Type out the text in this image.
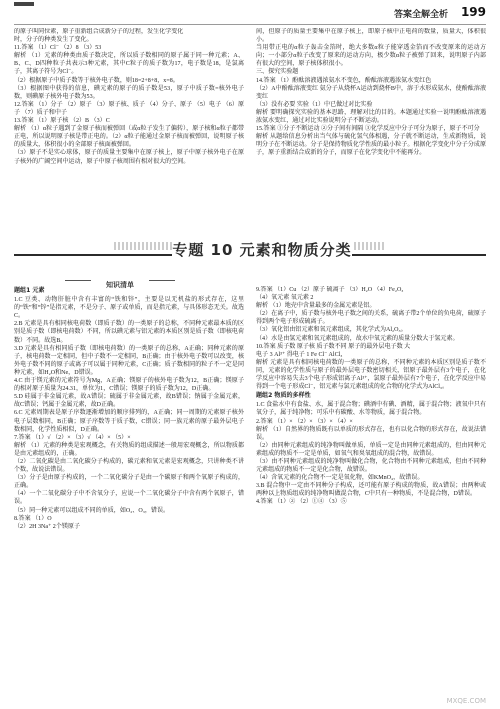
答案全解全析 199
的原子叫同位素，原子重新组合成新分子的过程，发生化学变化
时，分子的种类发生了变化。
11.答案 （1）Cl⁻ （2）8 （3）53
解析 （1）元素的种类由质子数决定，所以质子数相同的原子属于同一种元素；A、B、C、D四种粒子共表示3种元素，其中C粒子的质子数为17，电子数是18，是氯离子，其离子符号为Cl⁻。
（2）根据原子中质子数等于核外电子数，则18=2+8+8，x=8。
（3）根据图中获得的信息，碘元素的原子的质子数是53，原子中质子数=核外电子数，则碘原子核外电子数为53。
12.答案 （1）分子 （2）原子 （3）原子核、质子 （4）分子、原子 （5）电子 （6）原子 （7）质子和中子
13.答案 （1）原子核 （2）B （3）C
解析 （1）α粒子遇到了金原子核而被弹回（或α粒子发生了偏转），原子核和α粒子都带正电，所以说明原子核是带正电的。（2）α粒子能通过金原子核而被弹回，说明原子核的质量大，体积很小的全部原子核面被弹回。
（3）原子不是实心球体，原子的质量主要集中在原子核上，原子中原子核外电子在原子核外的广阔空间中运动，原子中原子核周围有相对很大的空间。
间，但原子的质量主要集中在原子核上，即原子核中正电荷的数量，质量大，体积很小。
当用带正电的α粒子轰击金箔时，绝大多数α粒子能穿透金箔而不改变原来的运动方向；一小部分α粒子改变了原来的运动方向，极少数α粒子被弹了回来，说明原子内部有很大的空间，原子核体积很小。
三、探究实验题
14.答案 （1）酚酞溶液遇浓氨水不变色，酚酞溶液遇浓氨水变红色
（2）A中酚酞溶液变红 氨分子从烧杯A运动到烧杯B中，溶于水形成氨水，使酚酞溶液变红
（3）没有必要 实验（1）中已做过对比实验
解析 要明确探究实验的基本思路，理解对比的目的。本题通过实验一说明酚酞溶液遇浓氨水变红，通过对比实验说明分子不断运动。
15.答案 ①分子不断运动 ②分子间有间隔 ③化学反应中分子可分为原子，原子不可分
解析 从题给信息分析出当气体与硫化氢气体相遇，分子就不断运动，生成新物质，说明分子在不断运动。分子是保持物质化学性质的最小粒子。根据化学变化中分子分成原子，原子重新结合成新的分子，而原子在化学变化中不能再分。
专题 10 元素和物质分类
知识清单
题组1 元素
1.C 豆类、动物肝脏中含有丰富的“铁和锌”，主要是以无机盐的形式存在，这里的“铁”和“锌”是指元素，不是分子、原子或单质，而是指元素，与具体形态无关。故选C。
2.B 元素是具有相同核电荷数（即质子数）的一类原子的总称，不同种元素最本质的区别是质子数（即核电荷数）不同，所以碘元素与铝元素的本质区别是质子数（即核电荷数）不同。故选B。
3.D 元素是具有相同质子数（即核电荷数）的一类原子的总称，A正确；同种元素的原子，核电荷数一定相同，但中子数不一定相同，B正确；由于核外电子数可以改变，核外电子数不同的原子或离子可以属于同种元素，C正确；质子数相同的粒子不一定是同种元素，如H₂O和Ne，D错误。
4.C 由于镁元素的元素符号为Mg，A正确；镁原子的核外电子数为12，B正确；镁原子的相对原子质量为24.31，单位为1，C错误；镁原子的质子数为12，D正确。
5.D 硅属于非金属元素，故A错误；硫属于非金属元素，故B错误；钠属于金属元素，故C错误；钙属于金属元素，故D正确。
6.C 元素周期表是原子序数逐渐增加的顺序排列的，A正确；同一周期的元素原子核外电子层数相同，B正确；原子序数等于质子数，C错误；同一族元素的原子最外层电子数相同，化学性质相似，D正确。
7.答案 （1）√ （2）× （3）√ （4）× （5）×
解析 （1）元素的种类是宏观概念，有关物质的组成描述一般用宏观概念，所以物质都是由元素组成的，正确。
（2）二氧化碳是由二氧化碳分子构成的，碳元素和氧元素是宏观概念，只讲种类不讲个数，故说法错误。
（3）分子是由原子构成的，一个二氧化碳分子是由一个碳原子和两个氧原子构成的，正确。
（4）一个二氧化碳分子中不含氧分子，应说一个二氧化碳分子中含有两个氧原子，错误。
（5）同一种元素可以组成不同的单质，如O₂、O₃，错误。
8.答案 （1）O
（2）2H 3Na⁺ 2个镁原子
9.答案 （1）Cu （2）原子 硫离子 （3）H₂O （4）Fe₂O₃
（4）氧元素 氧元素 2
解析 （1）地壳中含量最多的金属元素是铝。
（2）在离子中，质子数与核外电子数之间的关系，硫离子带2个单位的负电荷，硫原子得到两个电子形成硫离子。
（3）氧化铝由铝元素和氧元素组成，其化学式为Al₂O₃。
（4）水是由氢元素和氧元素组成的，故水中氧元素的质量分数大于氢元素。
10.答案 质子数 原子核 质子数不同 原子的最外层电子数 大
电子 3 Al³⁺ 得电子 1 Fe Cl⁻ AlCl₃
解析 元素是具有相同核电荷数的一类原子的总称，不同种元素的本质区别是质子数不同，元素的化学性质与原子的最外层电子数密切相关，铝原子最外层有3个电子，在化学反应中容易失去3个电子形成铝离子Al³⁺，氯原子最外层有7个电子，在化学反应中易得到一个电子形成Cl⁻，铝元素与氯元素组成的化合物的化学式为AlCl₃。
题组2 物质的多样性
1.C 食盐水中有食盐、水，属于混合物；碘酒中有碘、酒精，属于混合物；液氧中只有氧分子，属于纯净物；可乐中有碳酸、水等物质，属于混合物。
2.答案 （1）× （2）× （3）× （4）×
解析 （1）自然界的物质既有以单质的形式存在，也有以化合物的形式存在，故说法错误。
（2）由同种元素组成的纯净物叫做单质，单质一定是由同种元素组成的，但由同种元素组成的物质不一定是单质，如氧气和臭氧组成的混合物，故错误。
（3）由不同种元素组成的纯净物叫做化合物，化合物由不同种元素组成，但由不同种元素组成的物质不一定是化合物，故错误。
（4）含氧元素的化合物不一定是氧化物，如KMnO₄，故错误。
3.B 混合物中一定由不同种分子构成，还可能有原子构成的物质，故A错误；由两种或两种以上物质组成的纯净物叫做混合物，C中只有一种物质，不是混合物，D错误。
4.答案 （1）② （2）①④ （3）⑤
MXQE.COM
